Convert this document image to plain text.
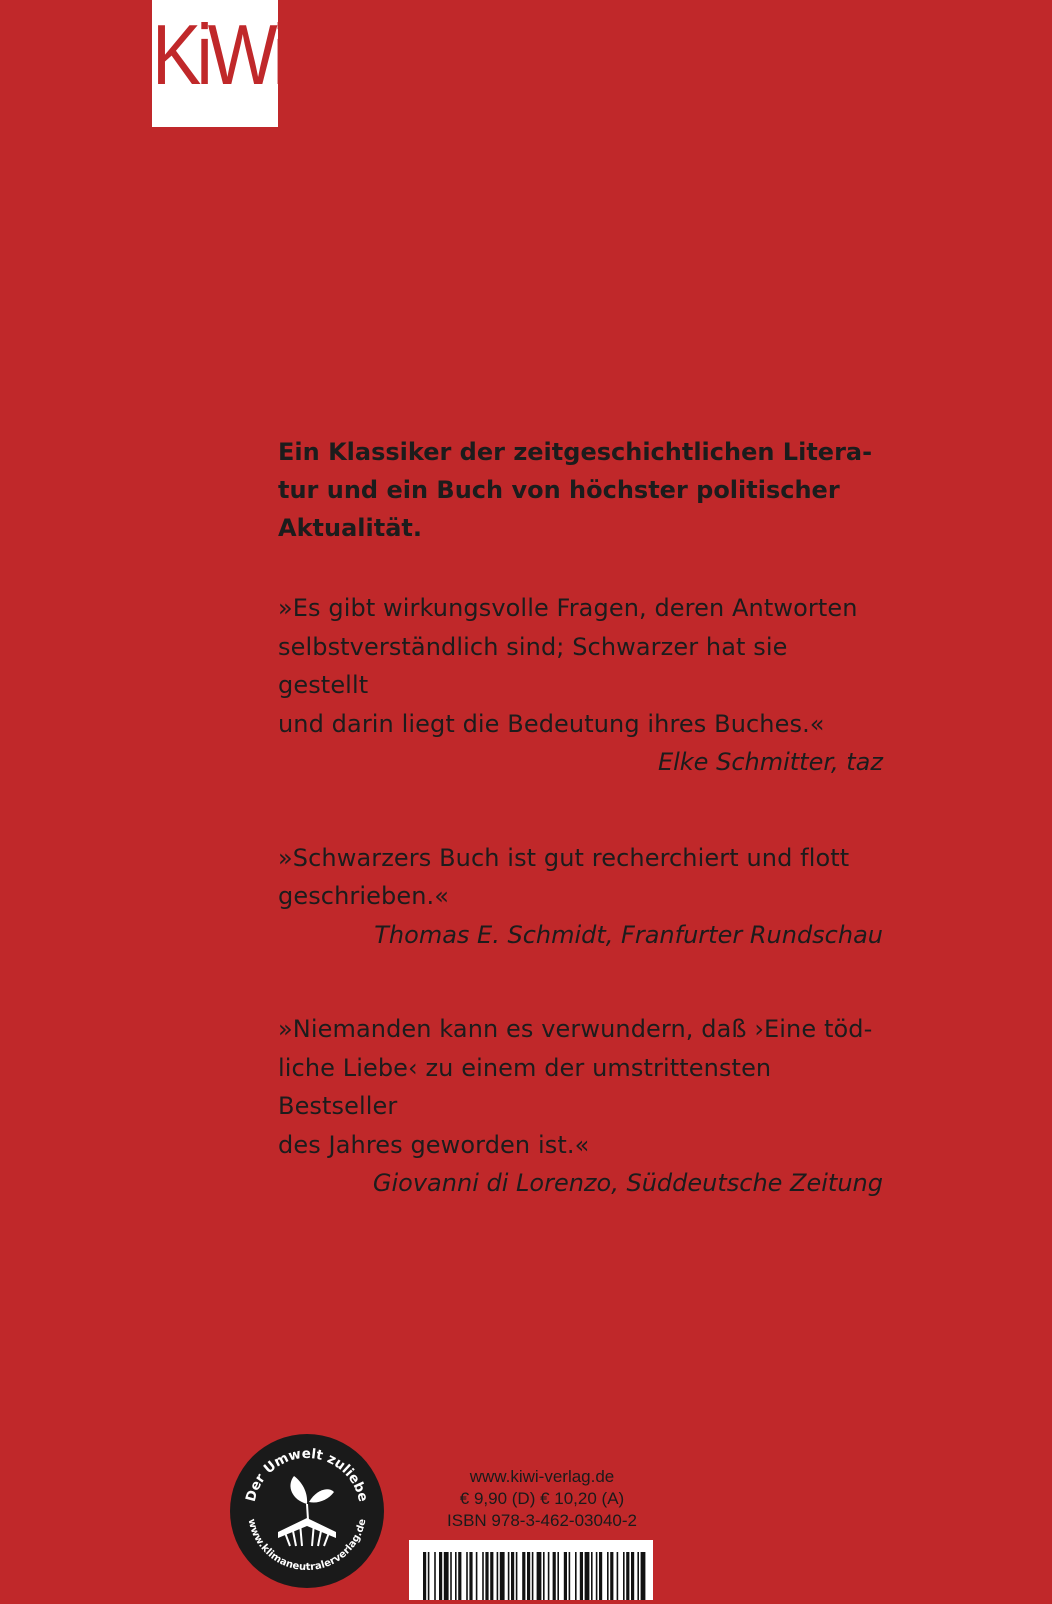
KiWi

Ein Klassiker der zeitgeschichtlichen Litera-
tur und ein Buch von höchster politischer
Aktualität.

»Es gibt wirkungsvolle Fragen, deren Antworten
selbstverständlich sind; Schwarzer hat sie gestellt
und darin liegt die Bedeutung ihres Buches.«
Elke Schmitter, taz
»Schwarzers Buch ist gut recherchiert und flott
geschrieben.«
Thomas E. Schmidt, Franfurter Rundschau
»Niemanden kann es verwundern, daß ›Eine töd-
liche Liebe‹ zu einem der umstrittensten Bestseller
des Jahres geworden ist.«
Giovanni di Lorenzo, Süddeutsche Zeitung
Der Umwelt zuliebe
www.klimaneutralerverlag.de
www.kiwi-verlag.de
€ 9,90 (D) € 10,20 (A)
ISBN 978-3-462-03040-2
